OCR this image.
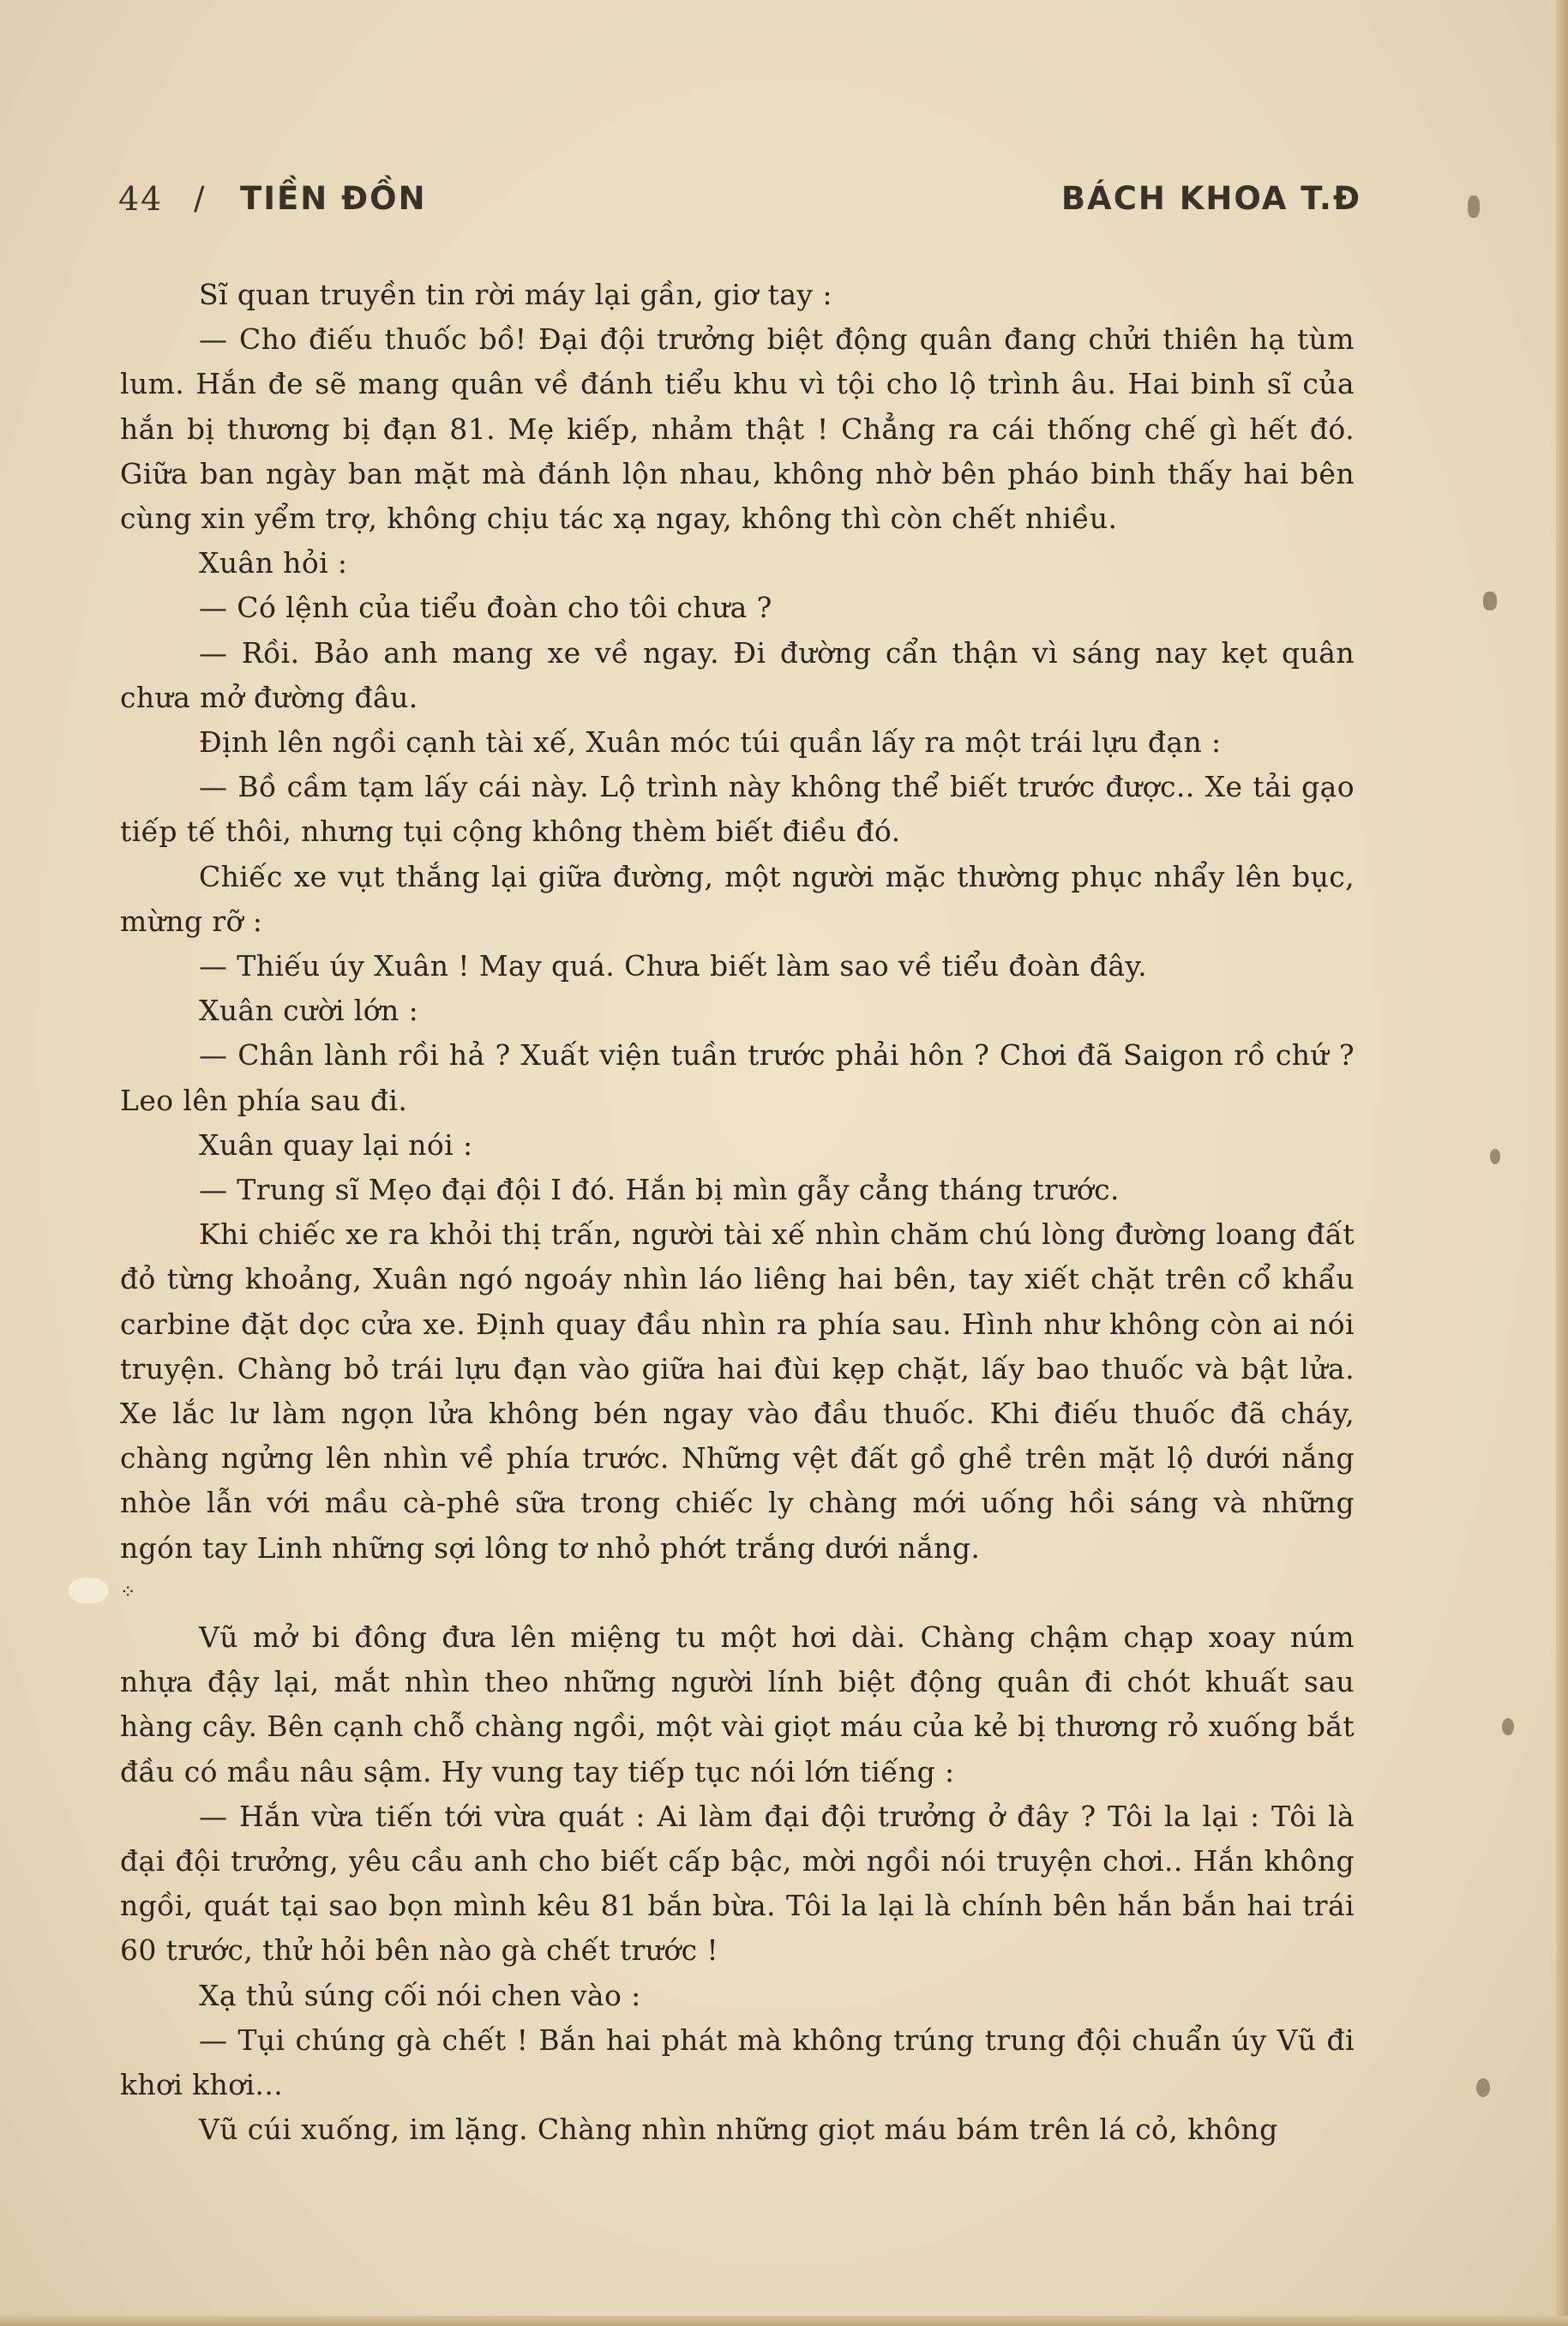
44 / TIỀN ĐỒN	BÁCH KHOA T.Đ

Sĩ quan truyền tin rời máy lại gần, giơ tay :

— Cho điếu thuốc bồ! Đại đội trưởng biệt động quân đang chửi thiên hạ tùm lum. Hắn đe sẽ mang quân về đánh tiểu khu vì tội cho lộ trình âu. Hai binh sĩ của hắn bị thương bị đạn 81. Mẹ kiếp, nhảm thật ! Chẳng ra cái thống chế gì hết đó. Giữa ban ngày ban mặt mà đánh lộn nhau, không nhờ bên pháo binh thấy hai bên cùng xin yểm trợ, không chịu tác xạ ngay, không thì còn chết nhiều.

Xuân hỏi :

— Có lệnh của tiểu đoàn cho tôi chưa ?

— Rồi. Bảo anh mang xe về ngay. Đi đường cẩn thận vì sáng nay kẹt quân chưa mở đường đâu.

Định lên ngồi cạnh tài xế, Xuân móc túi quần lấy ra một trái lựu đạn :

— Bồ cầm tạm lấy cái này. Lộ trình này không thể biết trước được.. Xe tải gạo tiếp tế thôi, nhưng tụi cộng không thèm biết điều đó.

Chiếc xe vụt thắng lại giữa đường, một người mặc thường phục nhẩy lên bục, mừng rỡ :

— Thiếu úy Xuân ! May quá. Chưa biết làm sao về tiểu đoàn đây.

Xuân cười lớn :

— Chân lành rồi hả ? Xuất viện tuần trước phải hôn ? Chơi đã Saigon rồ chứ ? Leo lên phía sau đi.

Xuân quay lại nói :

— Trung sĩ Mẹo đại đội I đó. Hắn bị mìn gẫy cẳng tháng trước.

Khi chiếc xe ra khỏi thị trấn, người tài xế nhìn chăm chú lòng đường loang đất đỏ từng khoảng, Xuân ngó ngoáy nhìn láo liêng hai bên, tay xiết chặt trên cổ khẩu carbine đặt dọc cửa xe. Định quay đầu nhìn ra phía sau. Hình như không còn ai nói truyện. Chàng bỏ trái lựu đạn vào giữa hai đùi kẹp chặt, lấy bao thuốc và bật lửa. Xe lắc lư làm ngọn lửa không bén ngay vào đầu thuốc. Khi điếu thuốc đã cháy, chàng ngửng lên nhìn về phía trước. Những vệt đất gồ ghề trên mặt lộ dưới nắng nhòe lẫn với mầu cà-phê sữa trong chiếc ly chàng mới uống hồi sáng và những ngón tay Linh những sợi lông tơ nhỏ phớt trắng dưới nắng.

⁘

Vũ mở bi đông đưa lên miệng tu một hơi dài. Chàng chậm chạp xoay núm nhựa đậy lại, mắt nhìn theo những người lính biệt động quân đi chót khuất sau hàng cây. Bên cạnh chỗ chàng ngồi, một vài giọt máu của kẻ bị thương rỏ xuống bắt đầu có mầu nâu sậm. Hy vung tay tiếp tục nói lớn tiếng :

— Hắn vừa tiến tới vừa quát : Ai làm đại đội trưởng ở đây ? Tôi la lại : Tôi là đại đội trưởng, yêu cầu anh cho biết cấp bậc, mời ngồi nói truyện chơi.. Hắn không ngồi, quát tại sao bọn mình kêu 81 bắn bừa. Tôi la lại là chính bên hắn bắn hai trái 60 trước, thử hỏi bên nào gà chết trước !

Xạ thủ súng cối nói chen vào :

— Tụi chúng gà chết ! Bắn hai phát mà không trúng trung đội chuẩn úy Vũ đi khơi khơi...

Vũ cúi xuống, im lặng. Chàng nhìn những giọt máu bám trên lá cỏ, không
